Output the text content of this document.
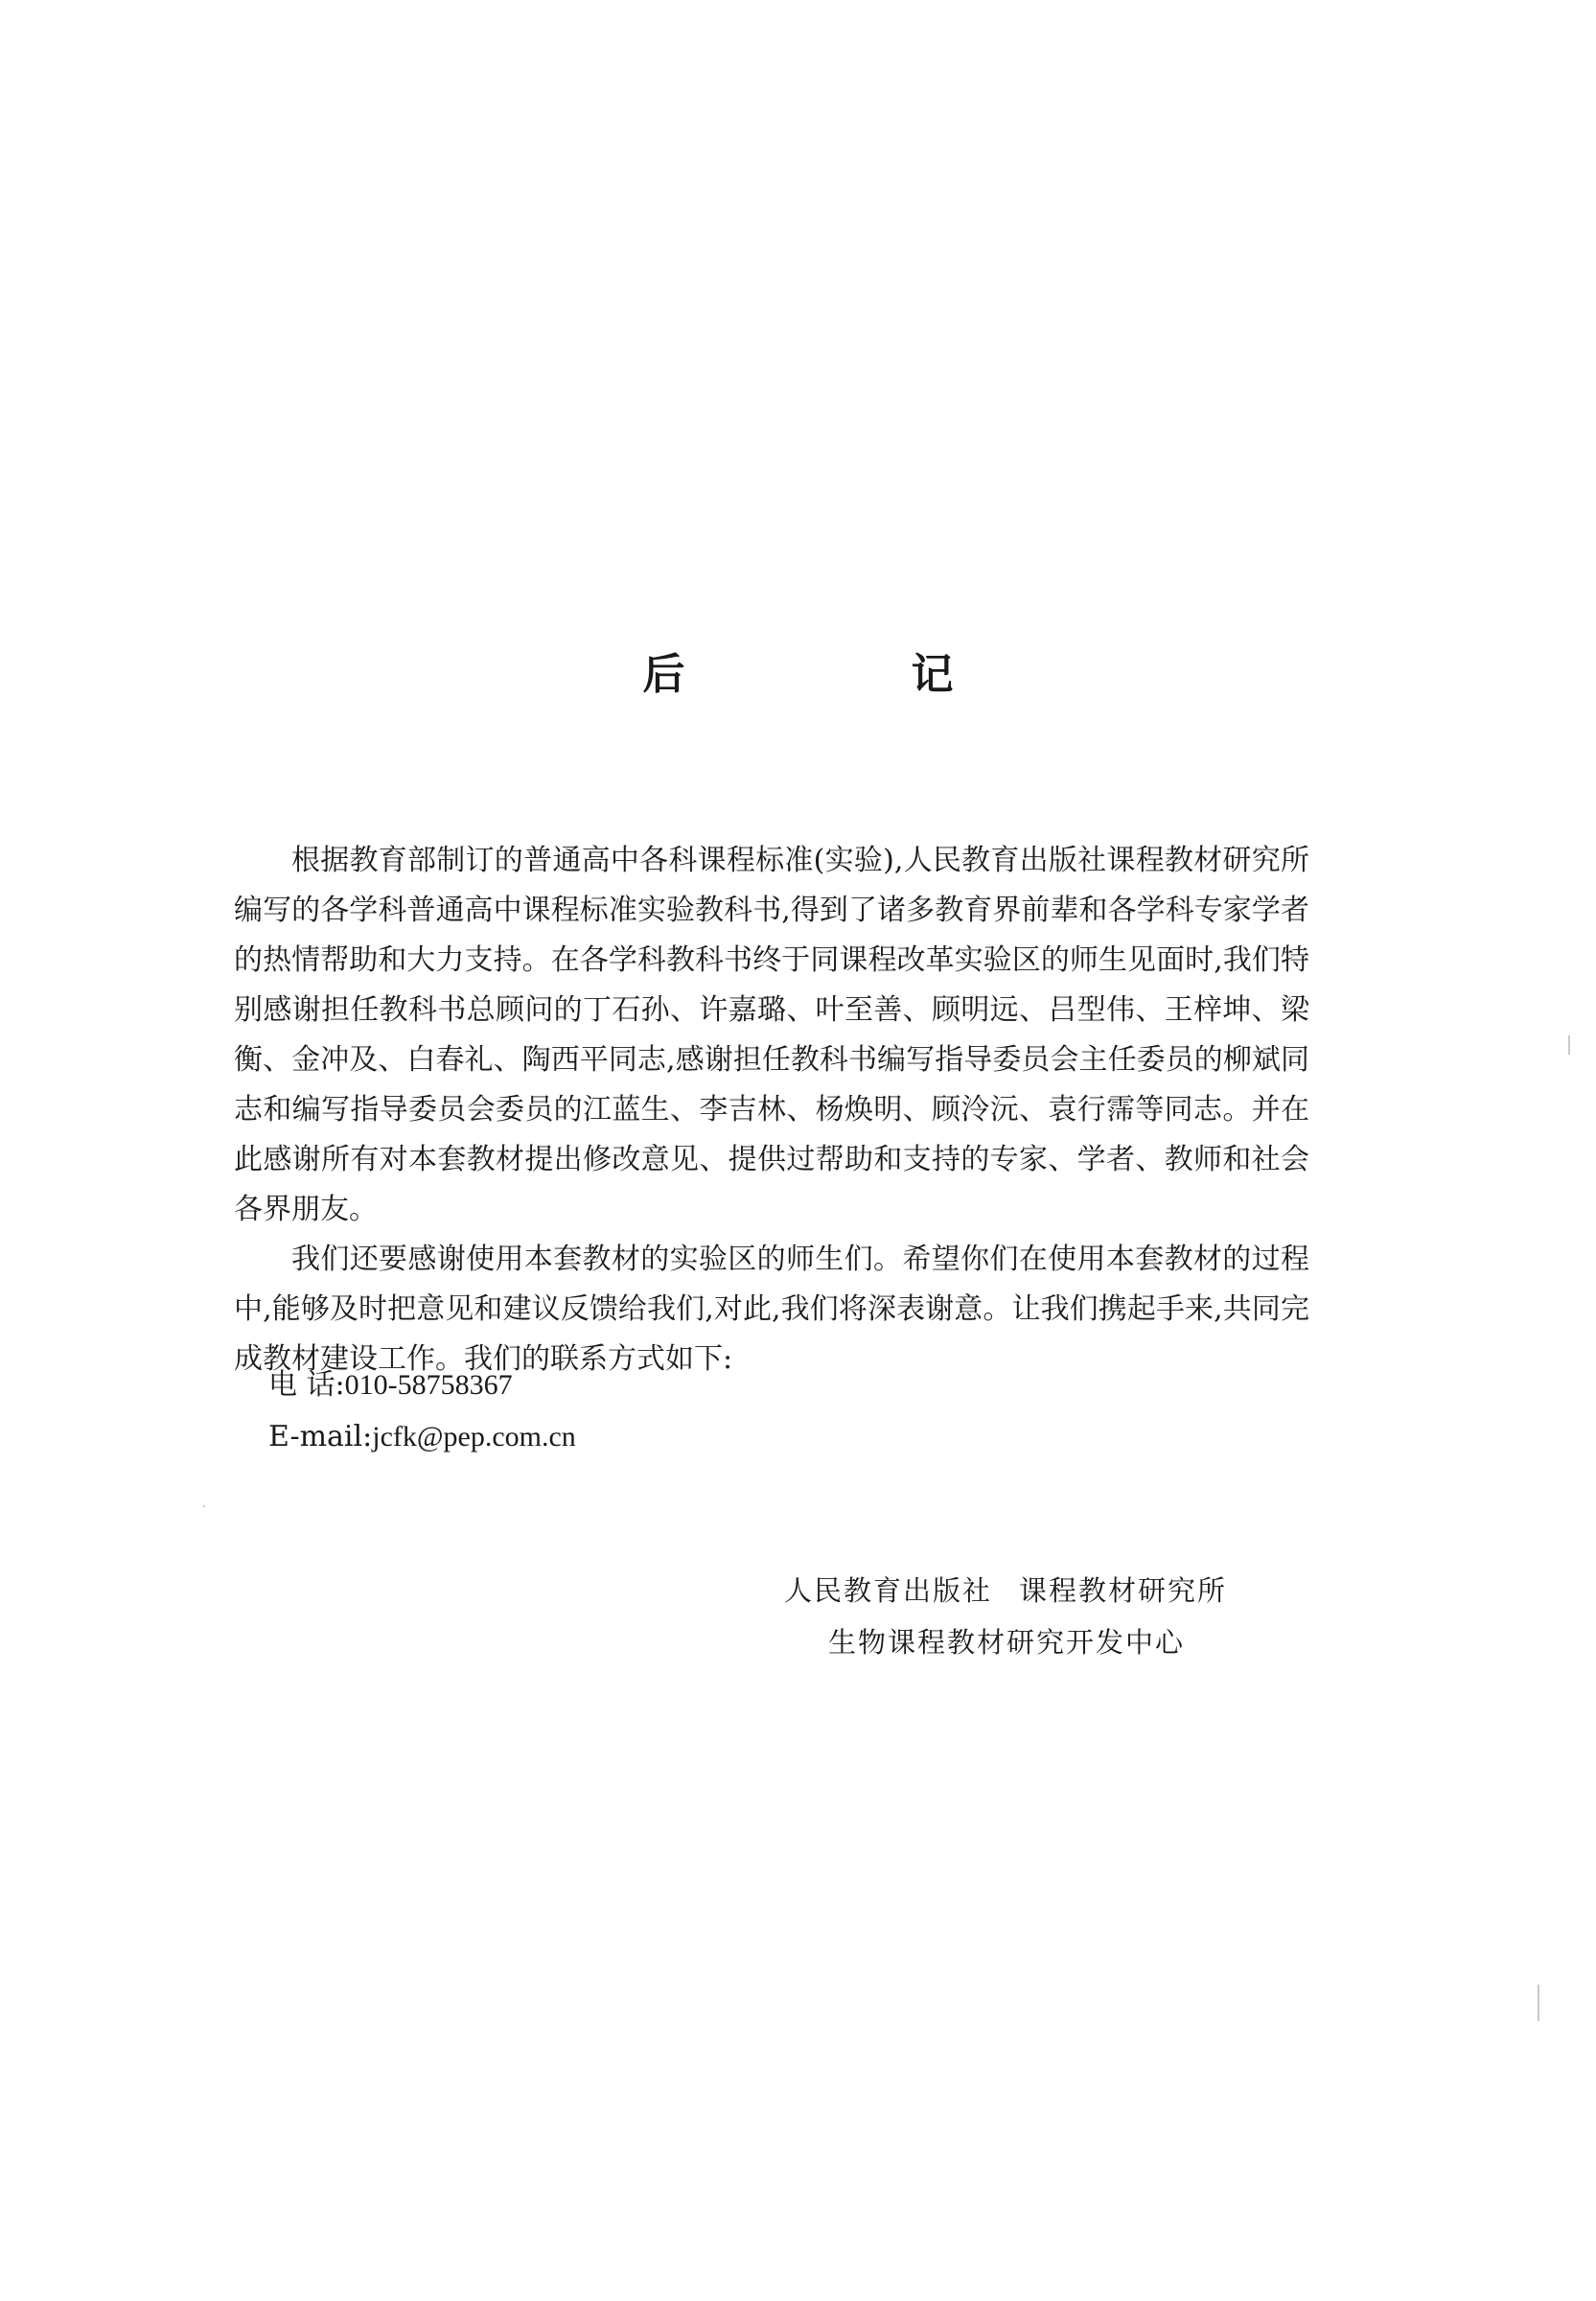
后　记

根据教育部制订的普通高中各科课程标准(实验),人民教育出版社课程教材研究所编写的各学科普通高中课程标准实验教科书,得到了诸多教育界前辈和各学科专家学者的热情帮助和大力支持。在各学科教科书终于同课程改革实验区的师生见面时,我们特别感谢担任教科书总顾问的丁石孙、许嘉璐、叶至善、顾明远、吕型伟、王梓坤、梁衡、金冲及、白春礼、陶西平同志,感谢担任教科书编写指导委员会主任委员的柳斌同志和编写指导委员会委员的江蓝生、李吉林、杨焕明、顾泠沅、袁行霈等同志。并在此感谢所有对本套教材提出修改意见、提供过帮助和支持的专家、学者、教师和社会各界朋友。

我们还要感谢使用本套教材的实验区的师生们。希望你们在使用本套教材的过程中,能够及时把意见和建议反馈给我们,对此,我们将深表谢意。让我们携起手来,共同完成教材建设工作。我们的联系方式如下:

电 话:010-58758367
E-mail:jcfk@pep.com.cn
人民教育出版社 课程教材研究所
生物课程教材研究开发中心
